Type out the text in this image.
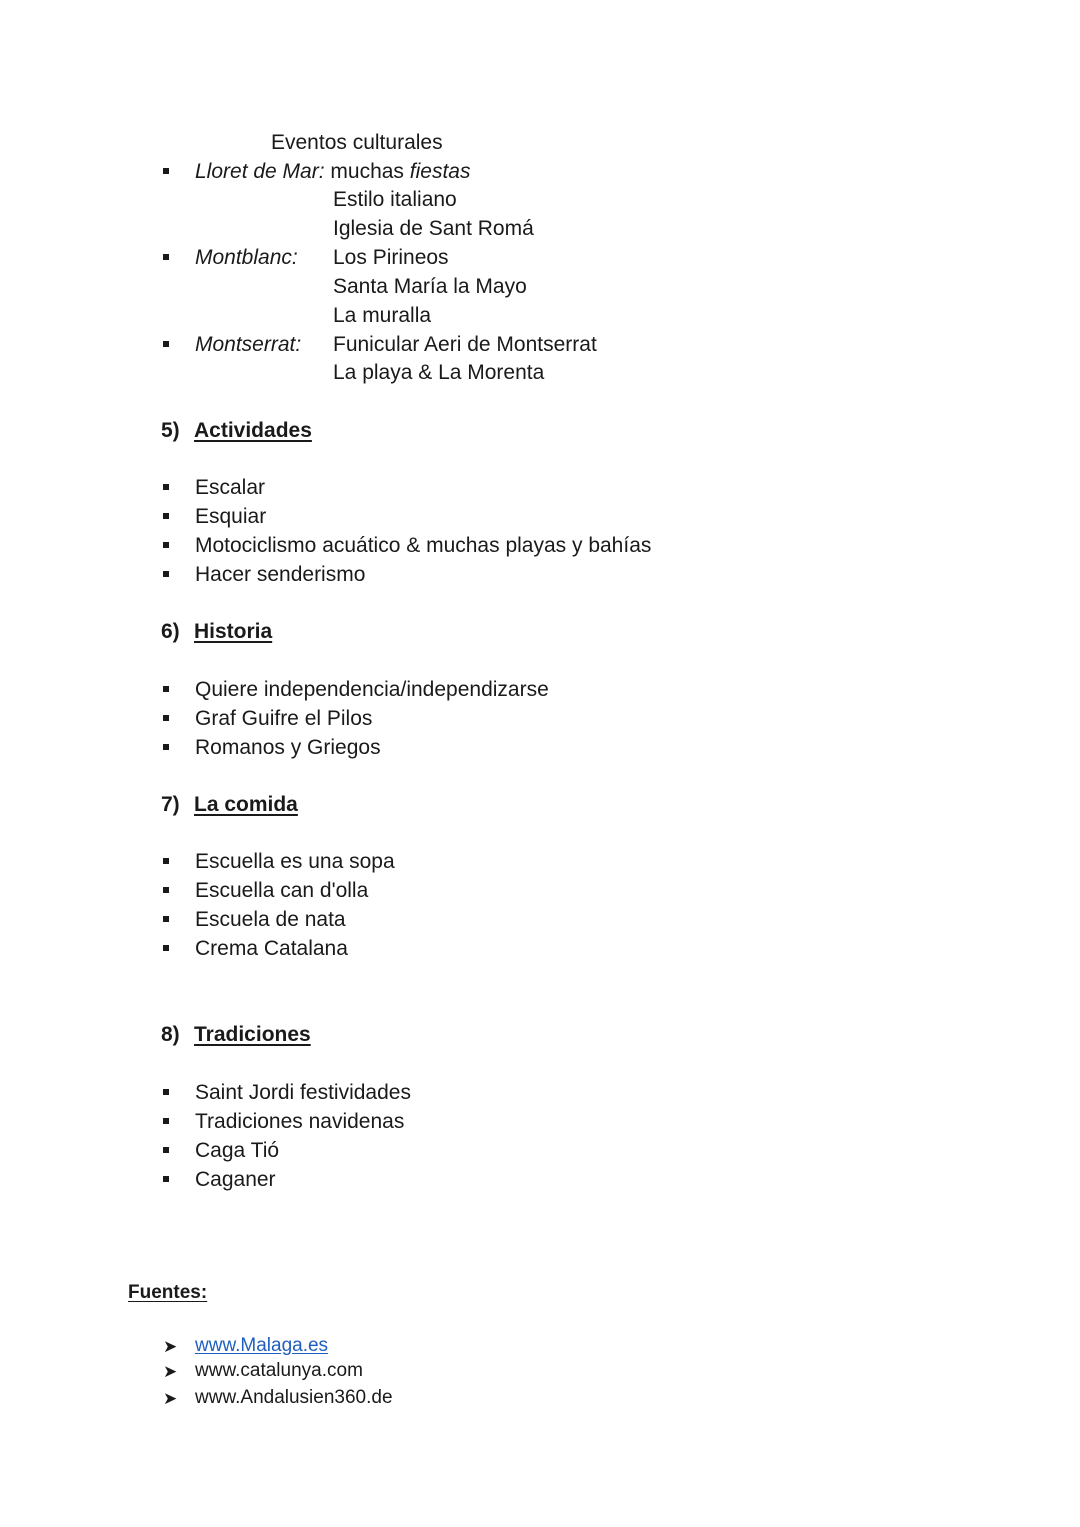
Eventos culturales
Lloret de Mar: muchas fiestas
Estilo italiano
Iglesia de Sant Romá
Montblanc: Los Pirineos
Santa María la Mayo
La muralla
Montserrat: Funicular Aeri de Montserrat
La playa & La Morenta
5) Actividades
Escalar
Esquiar
Motociclismo acuático & muchas playas y bahías
Hacer senderismo
6) Historia
Quiere independencia/independizarse
Graf Guifre el Pilos
Romanos y Griegos
7) La comida
Escuella es una sopa
Escuella can d'olla
Escuela de nata
Crema Catalana
8) Tradiciones
Saint Jordi festividades
Tradiciones navidenas
Caga Tió
Caganer
Fuentes:
➤ www.Malaga.es
➤ www.catalunya.com
➤ www.Andalusien360.de
